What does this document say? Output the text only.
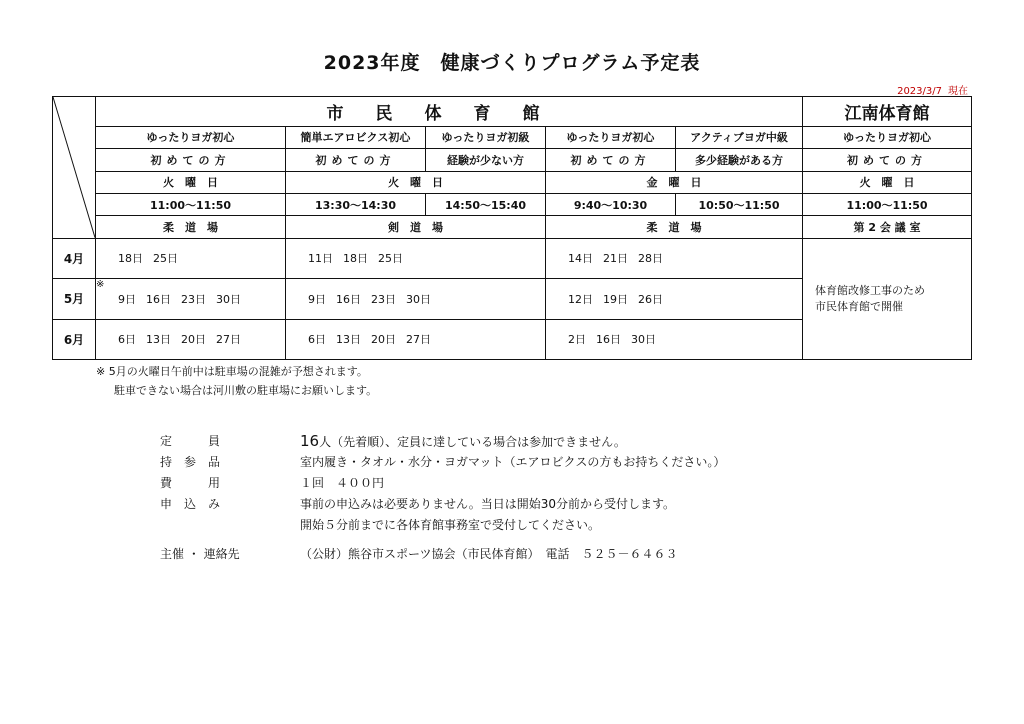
2023年度　健康づくりプログラム予定表
2023/3/7 現在
	市民体育館					江南体育館
	ゆったりヨガ初心	簡単エアロビクス初心	ゆったりヨガ初級	ゆったりヨガ初心	アクティブヨガ中級	ゆったりヨガ初心
	初めての方	初めての方	経験が少ない方	初めての方	多少経験がある方	初めての方
	火　曜　日	火　曜　日		金　曜　日		火　曜　日
	11:00～11:50	13:30～14:30	14:50～15:40	9:40～10:30	10:50～11:50	11:00～11:50
	柔　道　場	剣　道　場		柔　道　場		第 2 会 議 室
4月	18日 25日	11日 18日 25日		14日 21日 28日		体育館改修工事のため
市民体育館で開催

5月	9日 16日 23日 30日	9日 16日 23日 30日		12日 19日 26日		
6月	6日 13日 20日 27日	6日 13日 20日 27日		2日 16日 30日		
※
※ 5月の火曜日午前中は駐車場の混雑が予想されます。
駐車できない場合は河川敷の駐車場にお願いします。
定　　　員	16人（先着順）、定員に達している場合は参加できません。
持　参　品	室内履き・タオル・水分・ヨガマット（エアロビクスの方もお持ちください。）
費　　　用	１回　４００円
申　込　み	事前の申込みは必要ありません。当日は開始30分前から受付します。
開始５分前までに各体育館事務室で受付してください。
主催 ・ 連絡先	（公財）熊谷市スポーツ協会（市民体育館）　電話　５２５－６４６３
